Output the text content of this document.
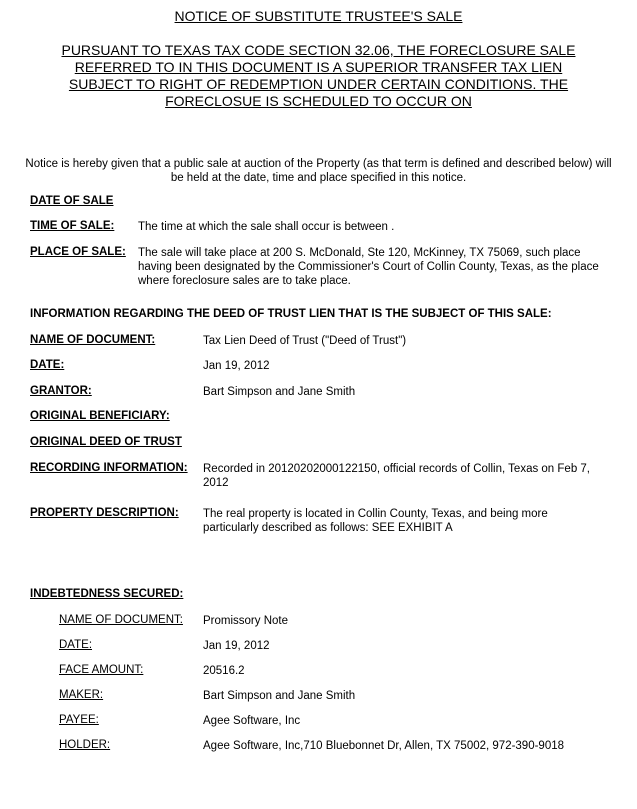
NOTICE OF SUBSTITUTE TRUSTEE'S SALE
PURSUANT TO TEXAS TAX CODE SECTION 32.06, THE FORECLOSURE SALE
REFERRED TO IN THIS DOCUMENT IS A SUPERIOR TRANSFER TAX LIEN
SUBJECT TO RIGHT OF REDEMPTION UNDER CERTAIN CONDITIONS. THE
FORECLOSUE IS SCHEDULED TO OCCUR ON
Notice is hereby given that a public sale at auction of the Property (as that term is defined and described below) will be held at the date, time and place specified in this notice.
DATE OF SALE
TIME OF SALE: The time at which the sale shall occur is between .
PLACE OF SALE: The sale will take place at 200 S. McDonald, Ste 120, McKinney, TX 75069, such place having been designated by the Commissioner's Court of Collin County, Texas, as the place where foreclosure sales are to take place.
INFORMATION REGARDING THE DEED OF TRUST LIEN THAT IS THE SUBJECT OF THIS SALE:
NAME OF DOCUMENT:	Tax Lien Deed of Trust ("Deed of Trust")
DATE:	Jan 19, 2012
GRANTOR:	Bart Simpson and Jane Smith
ORIGINAL BENEFICIARY:
ORIGINAL DEED OF TRUST
RECORDING INFORMATION: Recorded in 20120202000122150, official records of Collin, Texas on Feb 7, 2012
PROPERTY DESCRIPTION: The real property is located in Collin County, Texas, and being more particularly described as follows: SEE EXHIBIT A
INDEBTEDNESS SECURED:
NAME OF DOCUMENT: Promissory Note
DATE:	Jan 19, 2012
FACE AMOUNT:	20516.2
MAKER:	Bart Simpson and Jane Smith
PAYEE:	Agee Software, Inc
HOLDER:	Agee Software, Inc,710 Bluebonnet Dr, Allen, TX 75002, 972-390-9018
